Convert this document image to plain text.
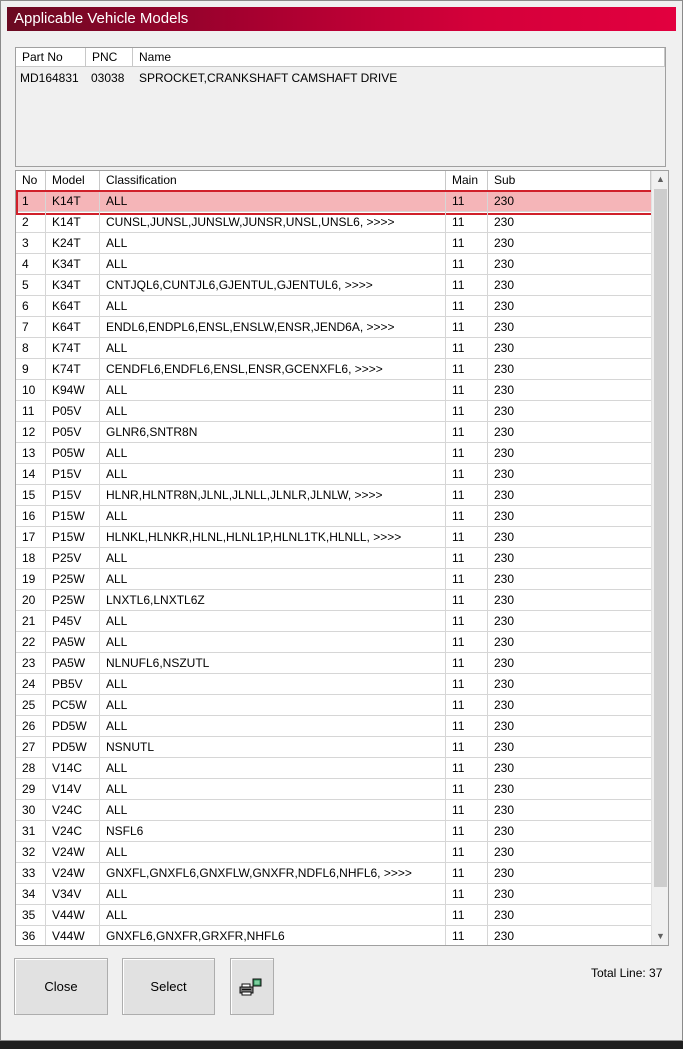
Applicable Vehicle Models
Part No	PNC	Name
MD164831 03038 SPROCKET,CRANKSHAFT CAMSHAFT DRIVE
No	Model	Classification	Main	Sub
1	K14T	ALL	11	230
2	K14T	CUNSL,JUNSL,JUNSLW,JUNSR,UNSL,UNSL6, >>>>	11	230
3	K24T	ALL	11	230
4	K34T	ALL	11	230
5	K34T	CNTJQL6,CUNTJL6,GJENTUL,GJENTUL6, >>>>	11	230
6	K64T	ALL	11	230
7	K64T	ENDL6,ENDPL6,ENSL,ENSLW,ENSR,JEND6A, >>>>	11	230
8	K74T	ALL	11	230
9	K74T	CENDFL6,ENDFL6,ENSL,ENSR,GCENXFL6, >>>>	11	230
10	K94W	ALL	11	230
11	P05V	ALL	11	230
12	P05V	GLNR6,SNTR8N	11	230
13	P05W	ALL	11	230
14	P15V	ALL	11	230
15	P15V	HLNR,HLNTR8N,JLNL,JLNLL,JLNLR,JLNLW, >>>>	11	230
16	P15W	ALL	11	230
17	P15W	HLNKL,HLNKR,HLNL,HLNL1P,HLNL1TK,HLNLL, >>>>	11	230
18	P25V	ALL	11	230
19	P25W	ALL	11	230
20	P25W	LNXTL6,LNXTL6Z	11	230
21	P45V	ALL	11	230
22	PA5W	ALL	11	230
23	PA5W	NLNUFL6,NSZUTL	11	230
24	PB5V	ALL	11	230
25	PC5W	ALL	11	230
26	PD5W	ALL	11	230
27	PD5W	NSNUTL	11	230
28	V14C	ALL	11	230
29	V14V	ALL	11	230
30	V24C	ALL	11	230
31	V24C	NSFL6	11	230
32	V24W	ALL	11	230
33	V24W	GNXFL,GNXFL6,GNXFLW,GNXFR,NDFL6,NHFL6, >>>>	11	230
34	V34V	ALL	11	230
35	V44W	ALL	11	230
36	V44W	GNXFL6,GNXFR,GRXFR,NHFL6	11	230
▲
▼
Close	Select
Total Line: 37
